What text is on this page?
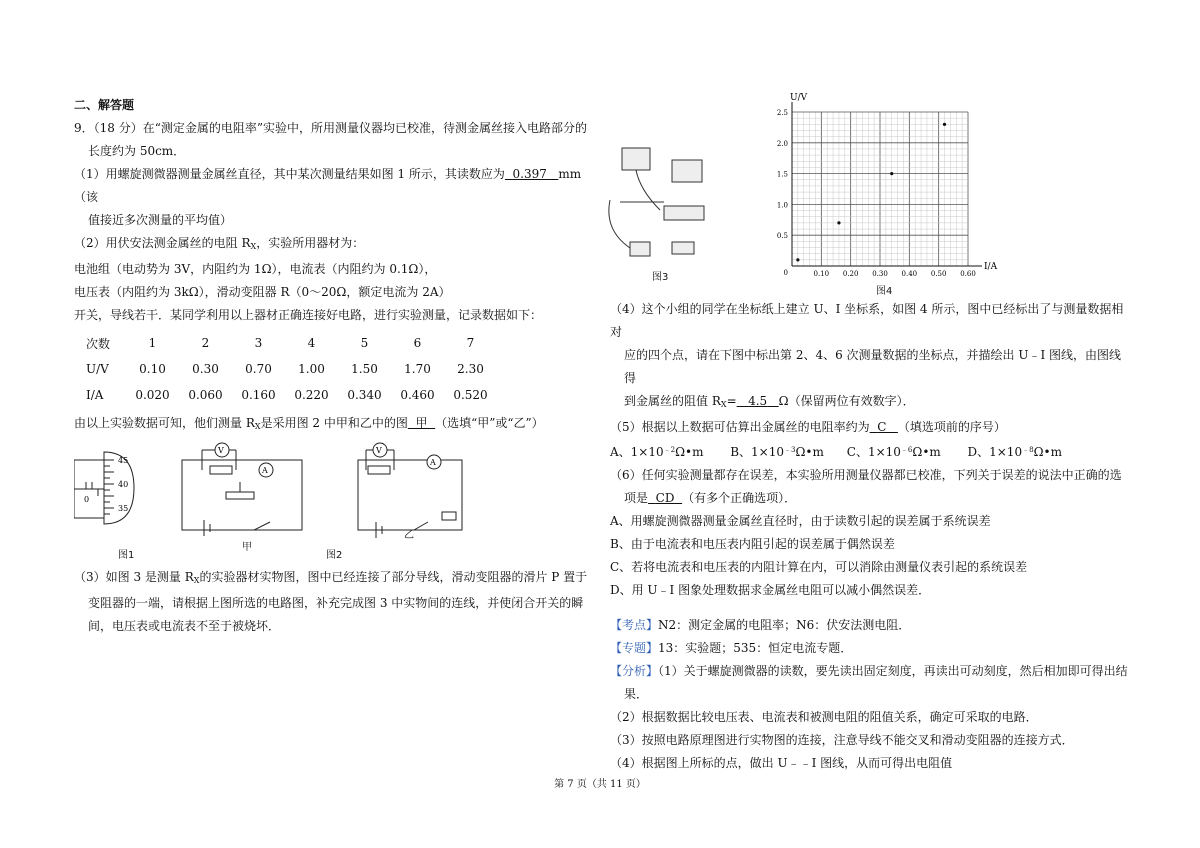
二、解答题

9．（18 分）在“测定金属的电阻率”实验中，所用测量仪器均已校准，待测金属丝接入电路部分的

长度约为 50cm．

（1）用螺旋测微器测量金属丝直径，其中某次测量结果如图 1 所示，其读数应为 0.397 mm（该

值接近多次测量的平均值）

（2）用伏安法测金属丝的电阻 $R_X$，实验所用器材为：

电池组（电动势为 3V，内阻约为 1Ω），电流表（内阻约为 0.1Ω），

电压表（内阻约为 3kΩ），滑动变阻器 R（0～20Ω，额定电流为 2A）

开关，导线若干．某同学利用以上器材正确连接好电路，进行实验测量，记录数据如下：

次数	1	2	3	4	5	6	7
U/V	0.10	0.30	0.70	1.00	1.50	1.70	2.30
I/A	0.020	0.060	0.160	0.220	0.340	0.460	0.520

由以上实验数据可知，他们测量 $R_X$是采用图 2 中甲和乙中的图 甲 （选填“甲”或“乙”）

45
40
35
0
图1
V
A
甲
V
A
乙
图2

（3）如图 3 是测量 $R_X$的实验器材实物图，图中已经连接了部分导线，滑动变阻器的滑片 P 置于

变阻器的一端，请根据上图所选的电路图，补充完成图 3 中实物间的连线，并使闭合开关的瞬

间，电压表或电流表不至于被烧坏．

图3
U/V
I/A
2.5
2.0
1.5
1.0
0.5
0	0.10 0.20 0.30 0.40 0.50 0.60
图4

（4）这个小组的同学在坐标纸上建立 U、I 坐标系，如图 4 所示，图中已经标出了与测量数据相对

应的四个点，请在下图中标出第 2、4、6 次测量数据的坐标点，并描绘出 U﹣I 图线，由图线得

到金属丝的阻值 $R_X= 4.5$ Ω（保留两位有效数字）．

（5）根据以上数据可估算出金属丝的电阻率约为 C （填选项前的序号）

A、$1\times 10^{﹣2}\Omega•m$ B、$1\times 10^{﹣3}\Omega•m$ C、$1\times 10^{﹣6}\Omega•m$ D、$1\times 10^{﹣8}\Omega•m$

（6）任何实验测量都存在误差，本实验所用测量仪器都已校准，下列关于误差的说法中正确的选

项是 CD （有多个正确选项）．

A、用螺旋测微器测量金属丝直径时，由于读数引起的误差属于系统误差

B、由于电流表和电压表内阻引起的误差属于偶然误差

C、若将电流表和电压表的内阻计算在内，可以消除由测量仪表引起的系统误差

D、用 U﹣I 图象处理数据求金属丝电阻可以减小偶然误差．

【考点】N2：测定金属的电阻率；N6：伏安法测电阻．

【专题】13：实验题；535：恒定电流专题．

【分析】（1）关于螺旋测微器的读数，要先读出固定刻度，再读出可动刻度，然后相加即可得出结

果．

（2）根据数据比较电压表、电流表和被测电阻的阻值关系，确定可采取的电路．

（3）按照电路原理图进行实物图的连接，注意导线不能交叉和滑动变阻器的连接方式．

（4）根据图上所标的点，做出 U﹣﹣I 图线，从而可得出电阻值

第 7 页（共 11 页）
